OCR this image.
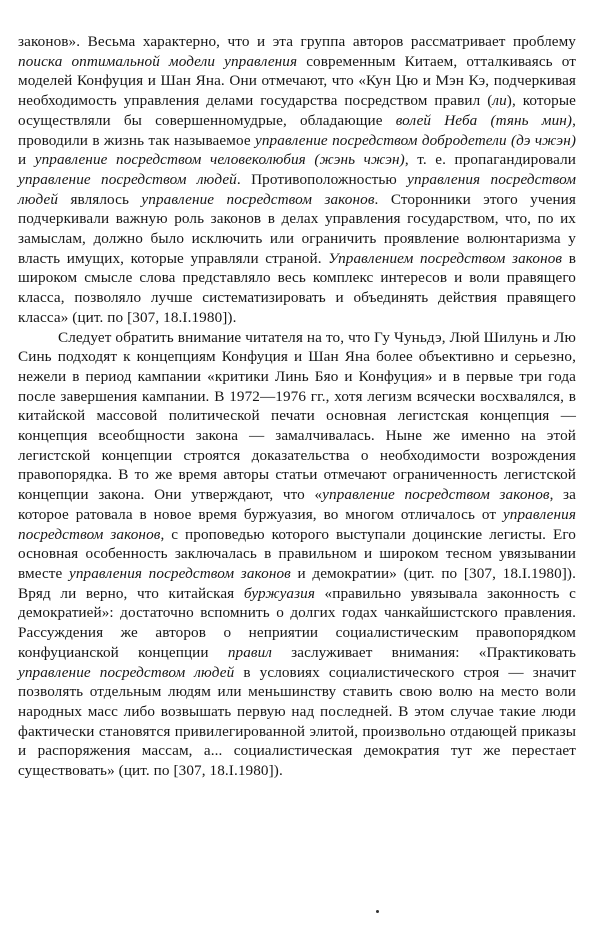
законов». Весьма характерно, что и эта группа авторов рассматривает проблему поиска оптимальной модели управления современным Китаем, отталкиваясь от моделей Конфуция и Шан Яна. Они отмечают, что «Кун Цю и Мэн Кэ, подчеркивая необходимость управления делами государства посредством правил (ли), которые осуществляли бы совершенномудрые, обладающие волей Неба (тянь мин), проводили в жизнь так называемое управление посредством добродетели (дэ чжэн) и управление посредством человеколюбия (жэнь чжэн), т. е. пропагандировали управление посредством людей. Противоположностью управления посредством людей являлось управление посредством законов. Сторонники этого учения подчеркивали важную роль законов в делах управления государством, что, по их замыслам, должно было исключить или ограничить проявление волюнтаризма у власть имущих, которые управляли страной. Управлением посредством законов в широком смысле слова представляло весь комплекс интересов и воли правящего класса, позволяло лучше систематизировать и объединять действия правящего класса» (цит. по [307, 18.I.1980]).

Следует обратить внимание читателя на то, что Гу Чуньдэ, Люй Шилунь и Лю Синь подходят к концепциям Конфуция и Шан Яна более объективно и серьезно, нежели в период кампании «критики Линь Бяо и Конфуция» и в первые три года после завершения кампании. В 1972—1976 гг., хотя легизм всячески восхвалялся, в китайской массовой политической печати основная легистская концепция — концепция всеобщности закона — замалчивалась. Ныне же именно на этой легистской концепции строятся доказательства о необходимости возрождения правопорядка. В то же время авторы статьи отмечают ограниченность легистской концепции закона. Они утверждают, что «управление посредством законов, за которое ратовала в новое время буржуазия, во многом отличалось от управления посредством законов, с проповедью которого выступали доцинские легисты. Его основная особенность заключалась в правильном и широком тесном увязывании вместе управления посредством законов и демократии» (цит. по [307, 18.I.1980]). Вряд ли верно, что китайская буржуазия «правильно увязывала законность с демократией»: достаточно вспомнить о долгих годах чанкайшистского правления. Рассуждения же авторов о неприятии социалистическим правопорядком конфуцианской концепции правил заслуживает внимания: «Практиковать управление посредством людей в условиях социалистического строя — значит позволять отдельным людям или меньшинству ставить свою волю на место воли народных масс либо возвышать первую над последней. В этом случае такие люди фактически становятся привилегированной элитой, произвольно отдающей приказы и распоряжения массам, а... социалистическая демократия тут же перестает существовать» (цит. по [307, 18.I.1980]).
